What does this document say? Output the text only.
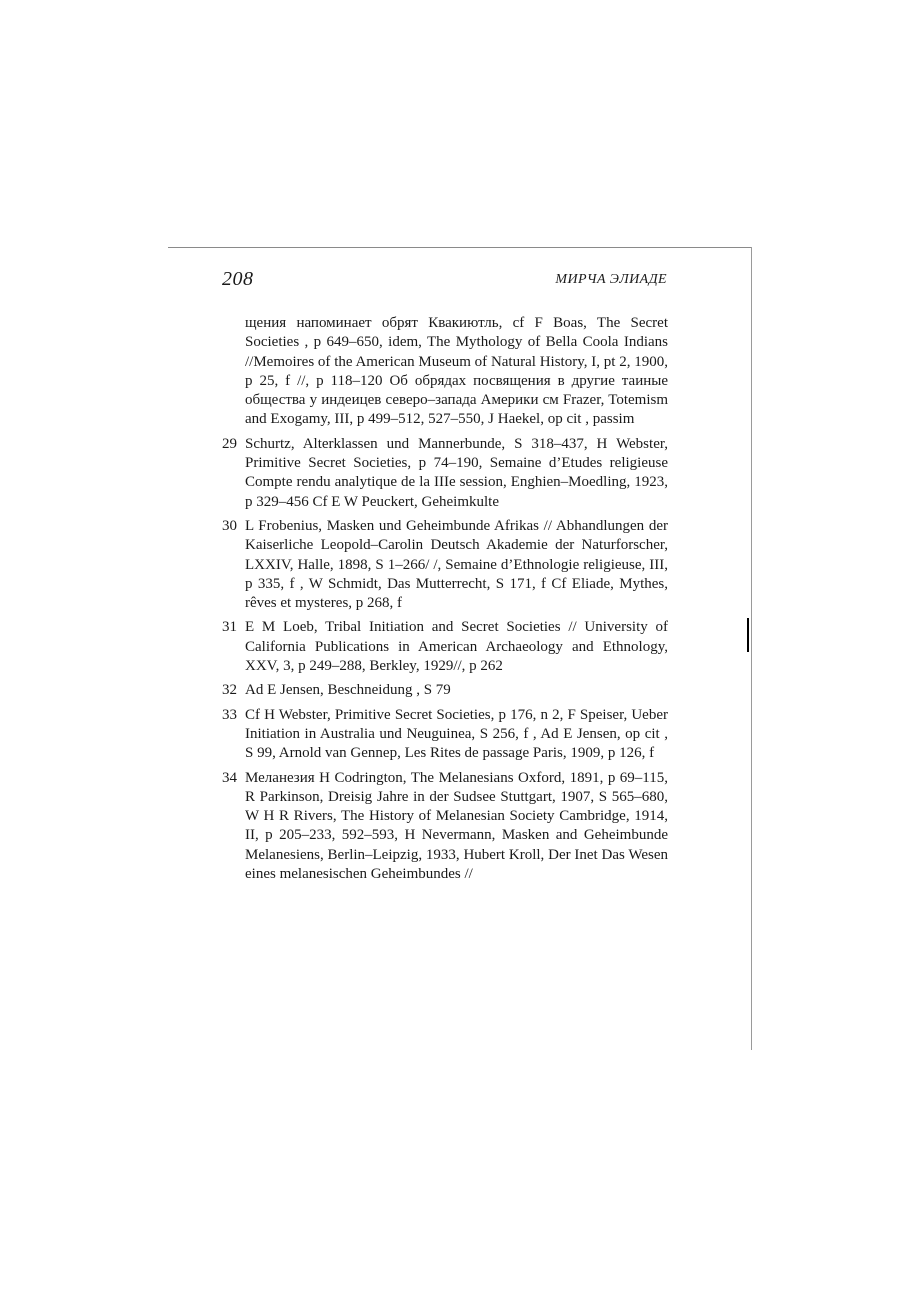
208	МИРЧА ЭЛИАДЕ
щения напоминает обрят Квакиютль, cf F Boas, The Secret Societies , p 649–650, idem, The Mythology of Bella Coola Indians //Memoires of the American Museum of Natural History, I, pt 2, 1900, p 25, f //, p 118–120 Об обрядах посвящения в другие таиные общества у индеицев северо–запада Америки см Frazer, Totemism and Exogamy, III, p 499–512, 527–550, J Haekel, op cit , passim
29 Schurtz, Alterklassen und Mannerbunde, S 318–437, H Webster, Primitive Secret Societies, p 74–190, Semaine d’Etudes religieuse Compte rendu analytique de la IIIe session, Enghien–Moedling, 1923, p 329–456 Cf E W Peuckert, Geheimkulte
30 L Frobenius, Masken und Geheimbunde Afrikas // Abhandlungen der Kaiserliche Leopold–Carolin Deutsch Akademie der Naturforscher, LXXIV, Halle, 1898, S 1–266/ /, Semaine d’Ethnologie religieuse, III, p 335, f , W Schmidt, Das Mutterrecht, S 171, f Cf Eliade, Mythes, rêves et mysteres, p 268, f
31 E M Loeb, Tribal Initiation and Secret Societies // University of California Publications in American Archaeology and Ethnology, XXV, 3, p 249–288, Berkley, 1929//, p 262
32 Ad E Jensen, Beschneidung , S 79
33 Cf H Webster, Primitive Secret Societies, p 176, n 2, F Speiser, Ueber Initiation in Australia und Neuguinea, S 256, f , Ad E Jensen, op cit , S 99, Arnold van Gennep, Les Rites de passage Paris, 1909, p 126, f
34 Меланезия H Codrington, The Melanesians Oxford, 1891, p 69–115, R Parkinson, Dreisig Jahre in der Sudsee Stuttgart, 1907, S 565–680, W H R Rivers, The History of Melanesian Society Cambridge, 1914, II, p 205–233, 592–593, H Nevermann, Masken and Geheimbunde Melanesiens, Berlin–Leipzig, 1933, Hubert Kroll, Der Inet Das Wesen eines melanesischen Geheimbundes //
